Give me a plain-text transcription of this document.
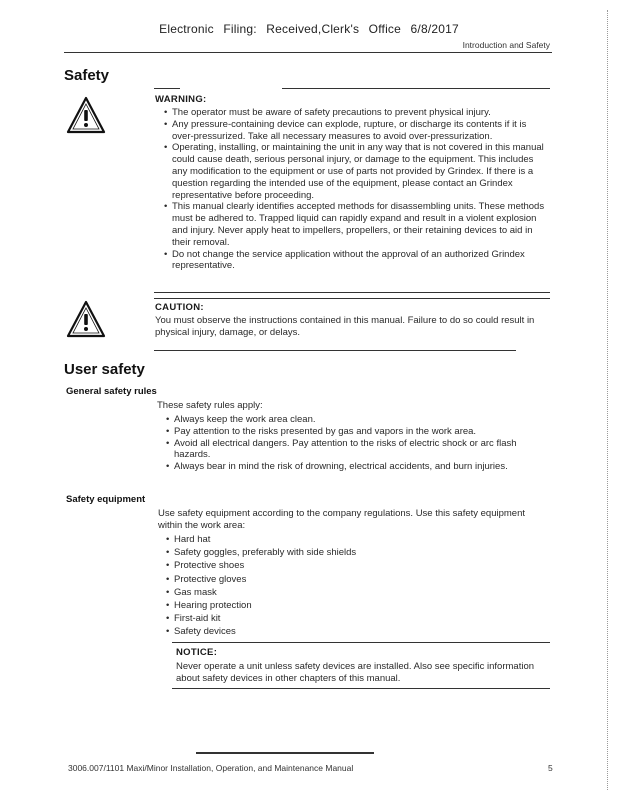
Electronic Filing: Received,Clerk's Office 6/8/2017
Introduction and Safety
Safety
WARNING:
• The operator must be aware of safety precautions to prevent physical injury.
• Any pressure-containing device can explode, rupture, or discharge its contents if it is over-pressurized. Take all necessary measures to avoid over-pressurization.
• Operating, installing, or maintaining the unit in any way that is not covered in this manual could cause death, serious personal injury, or damage to the equipment. This includes any modification to the equipment or use of parts not provided by Grindex. If there is a question regarding the intended use of the equipment, please contact an Grindex representative before proceeding.
• This manual clearly identifies accepted methods for disassembling units. These methods must be adhered to. Trapped liquid can rapidly expand and result in a violent explosion and injury. Never apply heat to impellers, propellers, or their retaining devices to aid in their removal.
• Do not change the service application without the approval of an authorized Grindex representative.
CAUTION:
You must observe the instructions contained in this manual. Failure to do so could result in physical injury, damage, or delays.
User safety
General safety rules
These safety rules apply:
• Always keep the work area clean.
• Pay attention to the risks presented by gas and vapors in the work area.
• Avoid all electrical dangers. Pay attention to the risks of electric shock or arc flash hazards.
• Always bear in mind the risk of drowning, electrical accidents, and burn injuries.
Safety equipment
Use safety equipment according to the company regulations. Use this safety equipment within the work area:
• Hard hat
• Safety goggles, preferably with side shields
• Protective shoes
• Protective gloves
• Gas mask
• Hearing protection
• First-aid kit
• Safety devices
NOTICE:
Never operate a unit unless safety devices are installed. Also see specific information about safety devices in other chapters of this manual.
3006.007/1101 Maxi/Minor Installation, Operation, and Maintenance Manual	5
